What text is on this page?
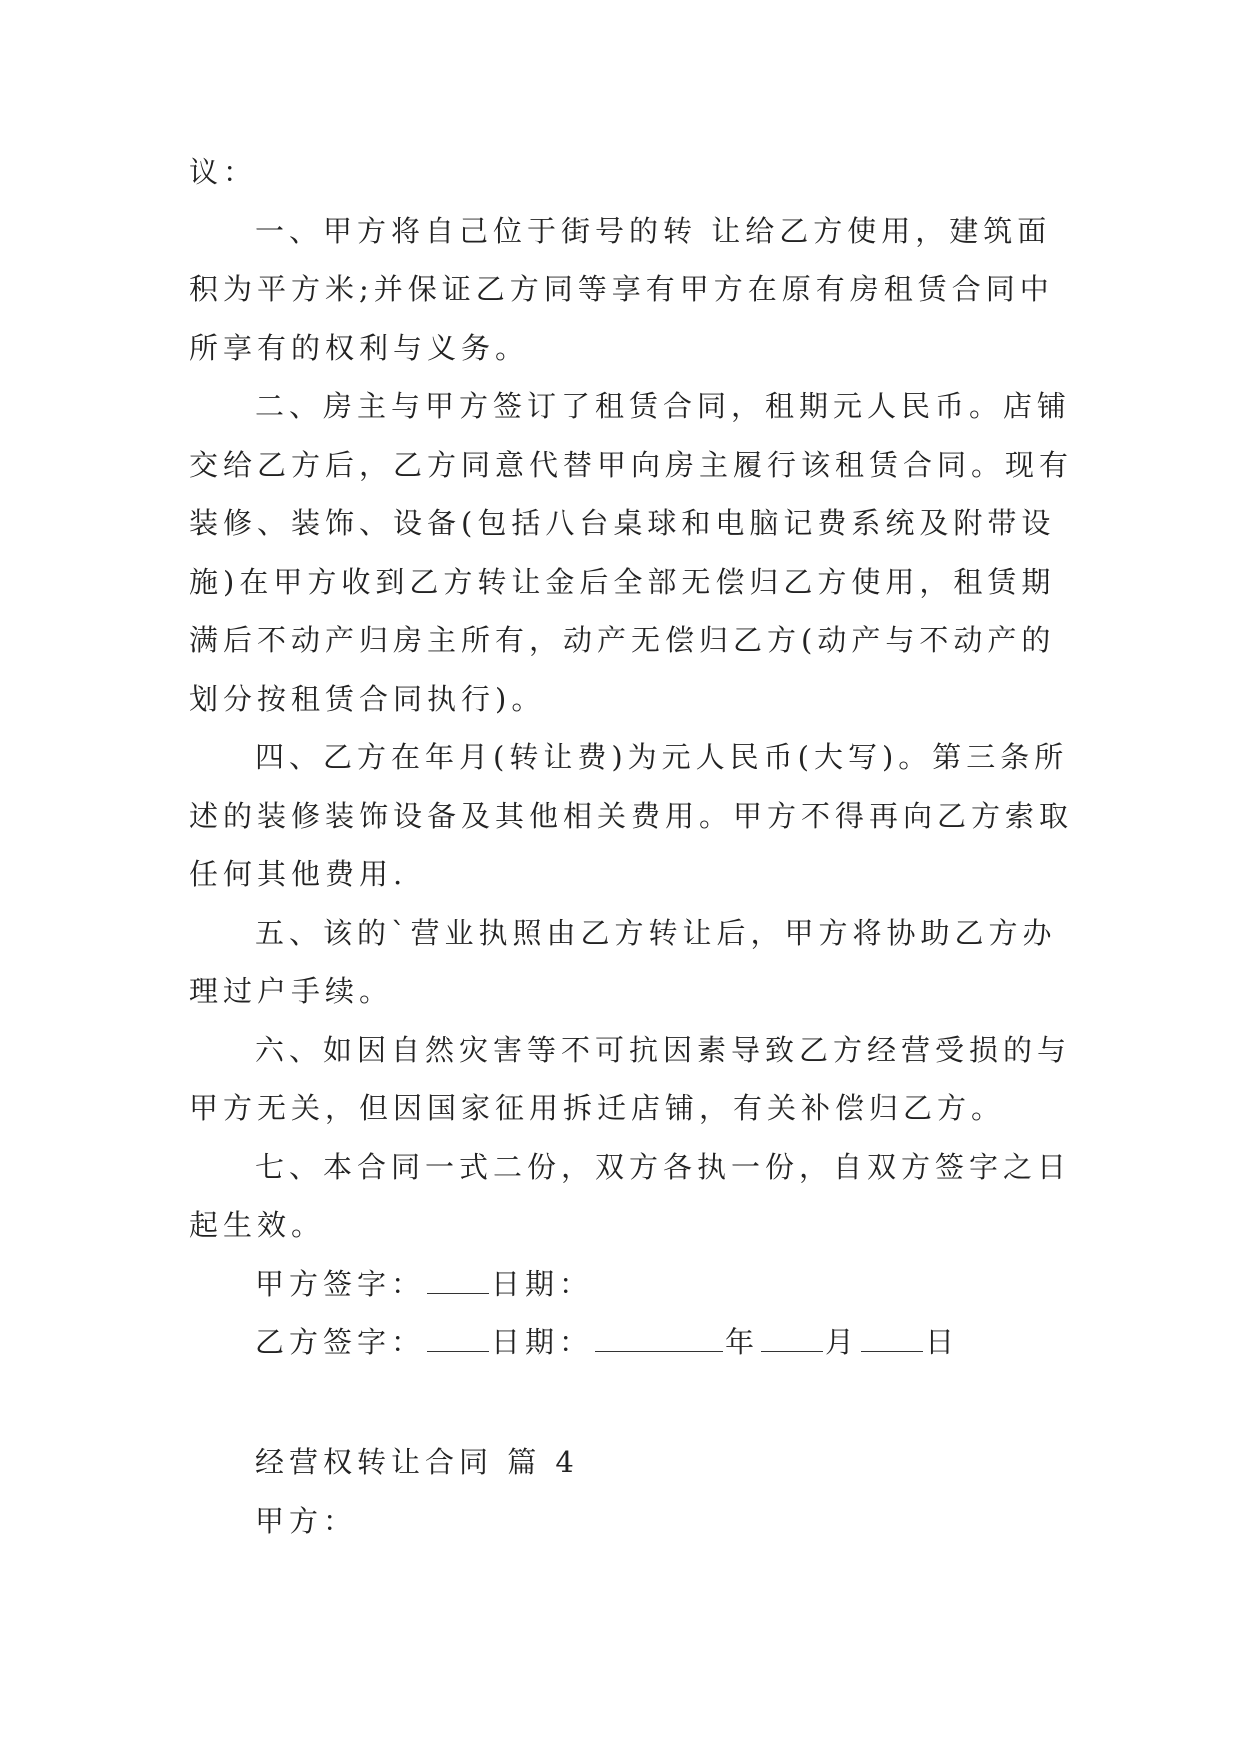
议：
一、甲方将自己位于街号的转 让给乙方使用，建筑面
积为平方米;并保证乙方同等享有甲方在原有房租赁合同中
所享有的权利与义务。
二、房主与甲方签订了租赁合同，租期元人民币。店铺
交给乙方后，乙方同意代替甲向房主履行该租赁合同。现有
装修、装饰、设备(包括八台桌球和电脑记费系统及附带设
施)在甲方收到乙方转让金后全部无偿归乙方使用，租赁期
满后不动产归房主所有，动产无偿归乙方(动产与不动产的
划分按租赁合同执行)。
四、乙方在年月(转让费)为元人民币(大写)。第三条所
述的装修装饰设备及其他相关费用。甲方不得再向乙方索取
任何其他费用.
五、该的`营业执照由乙方转让后，甲方将协助乙方办
理过户手续。
六、如因自然灾害等不可抗因素导致乙方经营受损的与
甲方无关，但因国家征用拆迁店铺，有关补偿归乙方。
七、本合同一式二份，双方各执一份，自双方签字之日
起生效。
甲方签字： 日期：
乙方签字： 日期：	年 月 日
经营权转让合同 篇 4
甲方：
